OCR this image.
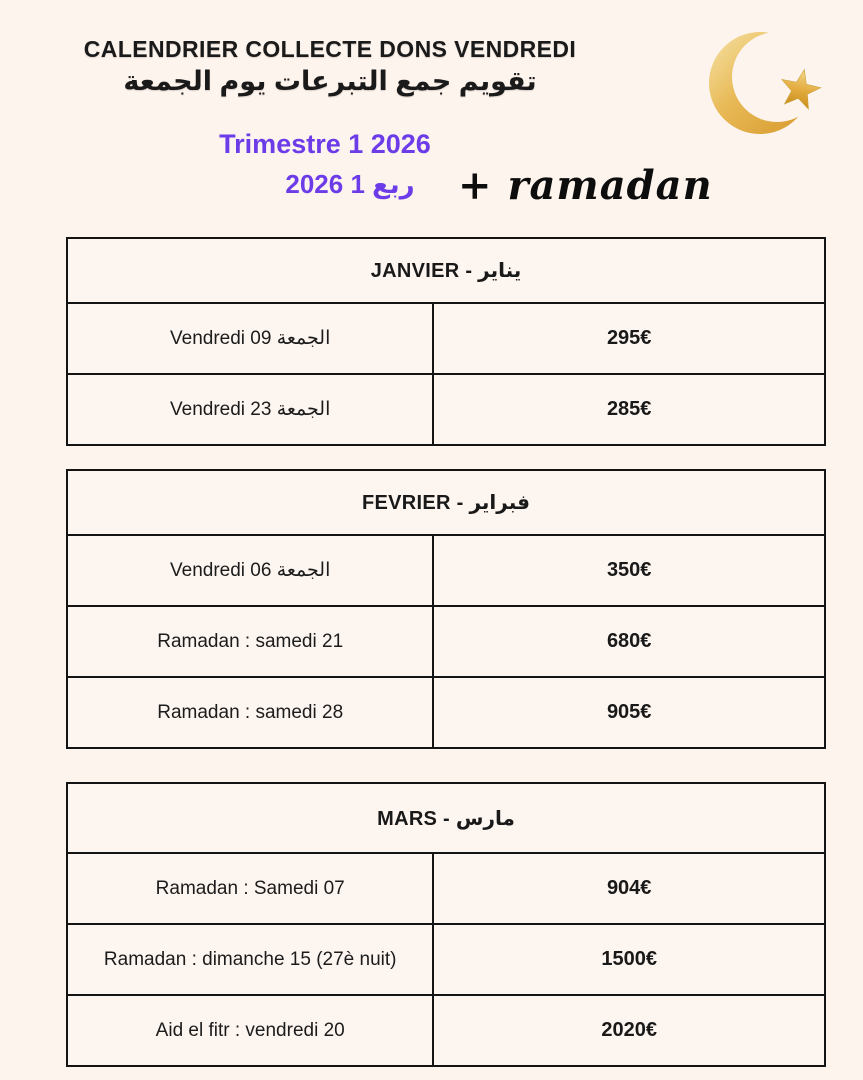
CALENDRIER COLLECTE DONS VENDREDI
تقويم جمع التبرعات يوم الجمعة
Trimestre 1 2026
ربع 1 2026	+ ramadan
JANVIER - يناير
Vendredi 09 الجمعة	295€
Vendredi 23 الجمعة	285€
FEVRIER - فبراير
Vendredi 06 الجمعة	350€
Ramadan : samedi 21	680€
Ramadan : samedi 28	905€
MARS - مارس
Ramadan : Samedi 07	904€
Ramadan : dimanche 15 (27è nuit)	1500€
Aid el fitr : vendredi 20	2020€
